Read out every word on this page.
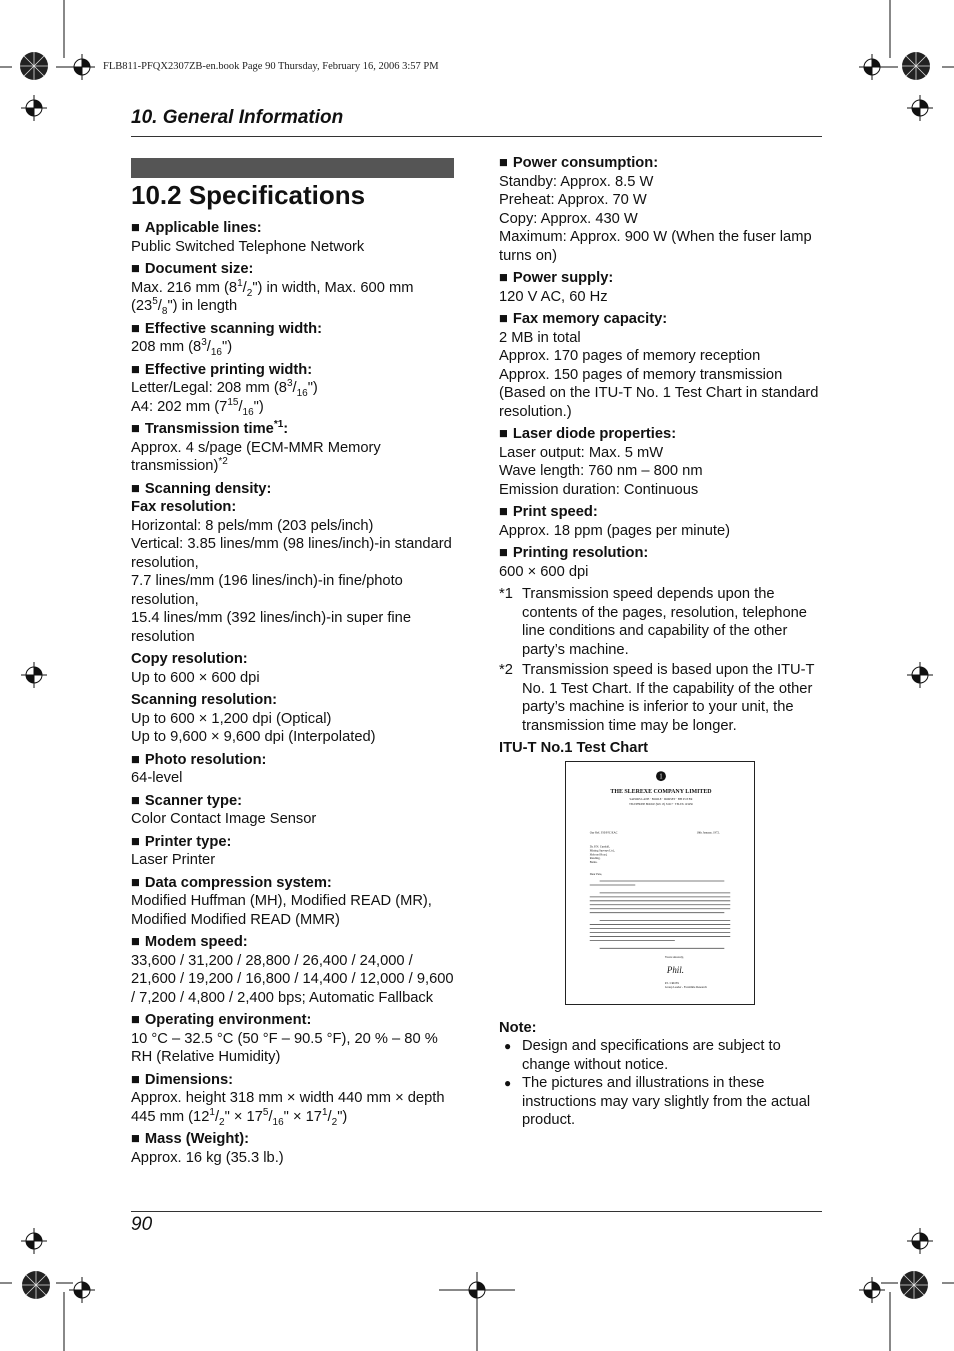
FLB811-PFQX2307ZB-en.book Page 90 Thursday, February 16, 2006 3:57 PM
10. General Information
10.2 Specifications
■ Applicable lines:
Public Switched Telephone Network
■ Document size:
Max. 216 mm $(8^1/_2")$ in width, Max. 600 mm $(23^5/_8")$ in length
■ Effective scanning width:
208 mm $(8^3/_{16}")$
■ Effective printing width:
Letter/Legal: 208 mm $(8^3/_{16}")$
A4: 202 mm $(7^{15}/_{16}")$
■ Transmission time$^{*1}$:
Approx. 4 s/page (ECM-MMR Memory transmission)$^{*2}$
■ Scanning density:
Fax resolution:
Horizontal: 8 pels/mm (203 pels/inch)
Vertical: 3.85 lines/mm (98 lines/inch)-in standard resolution,
7.7 lines/mm (196 lines/inch)-in fine/photo resolution,
15.4 lines/mm (392 lines/inch)-in super fine resolution
Copy resolution:
Up to 600 × 600 dpi
Scanning resolution:
Up to 600 × 1,200 dpi (Optical)
Up to 9,600 × 9,600 dpi (Interpolated)
■ Photo resolution:
64-level
■ Scanner type:
Color Contact Image Sensor
■ Printer type:
Laser Printer
■ Data compression system:
Modified Huffman (MH), Modified READ (MR), Modified Modified READ (MMR)
■ Modem speed:
33,600 / 31,200 / 28,800 / 26,400 / 24,000 / 21,600 / 19,200 / 16,800 / 14,400 / 12,000 / 9,600 / 7,200 / 4,800 / 2,400 bps; Automatic Fallback
■ Operating environment:
10 °C – 32.5 °C (50 °F – 90.5 °F), 20 % – 80 % RH (Relative Humidity)
■ Dimensions:
Approx. height 318 mm × width 440 mm × depth 445 mm ($12^1/_2$" × $17^5/_{16}$" × $17^1/_2$")
■ Mass (Weight):
Approx. 16 kg (35.3 lb.)
■ Power consumption:
Standby: Approx. 8.5 W
Preheat: Approx. 70 W
Copy: Approx. 430 W
Maximum: Approx. 900 W (When the fuser lamp turns on)
■ Power supply:
120 V AC, 60 Hz
■ Fax memory capacity:
2 MB in total
Approx. 170 pages of memory reception
Approx. 150 pages of memory transmission
(Based on the ITU-T No. 1 Test Chart in standard resolution.)
■ Laser diode properties:
Laser output: Max. 5 mW
Wave length: 760 nm – 800 nm
Emission duration: Continuous
■ Print speed:
Approx. 18 ppm (pages per minute)
■ Printing resolution:
600 × 600 dpi
*1 Transmission speed depends upon the contents of the pages, resolution, telephone line conditions and capability of the other party’s machine.
*2 Transmission speed is based upon the ITU-T No. 1 Test Chart. If the capability of the other party’s machine is inferior to your unit, the transmission time may be longer.
ITU-T No.1 Test Chart
1
THE SLEREXE COMPANY LIMITED
SAPORS LANE · BOOLE · DORSET · BH 25 8 ER
TELEPHONE BOOLE (945 13) 51617 · TELEX 123456
Our Ref. 350/PJC/EAC	18th January, 1972.
Dr. P.N. Cundall,
Mining Surveys Ltd.,
Holroyd Road,
Reading,
Berks.
Dear Pete,
Yours sincerely,
Phil.
P.J. CROSS
Group Leader - Facsimile Research
Note:
● Design and specifications are subject to change without notice.
● The pictures and illustrations in these instructions may vary slightly from the actual product.
90
